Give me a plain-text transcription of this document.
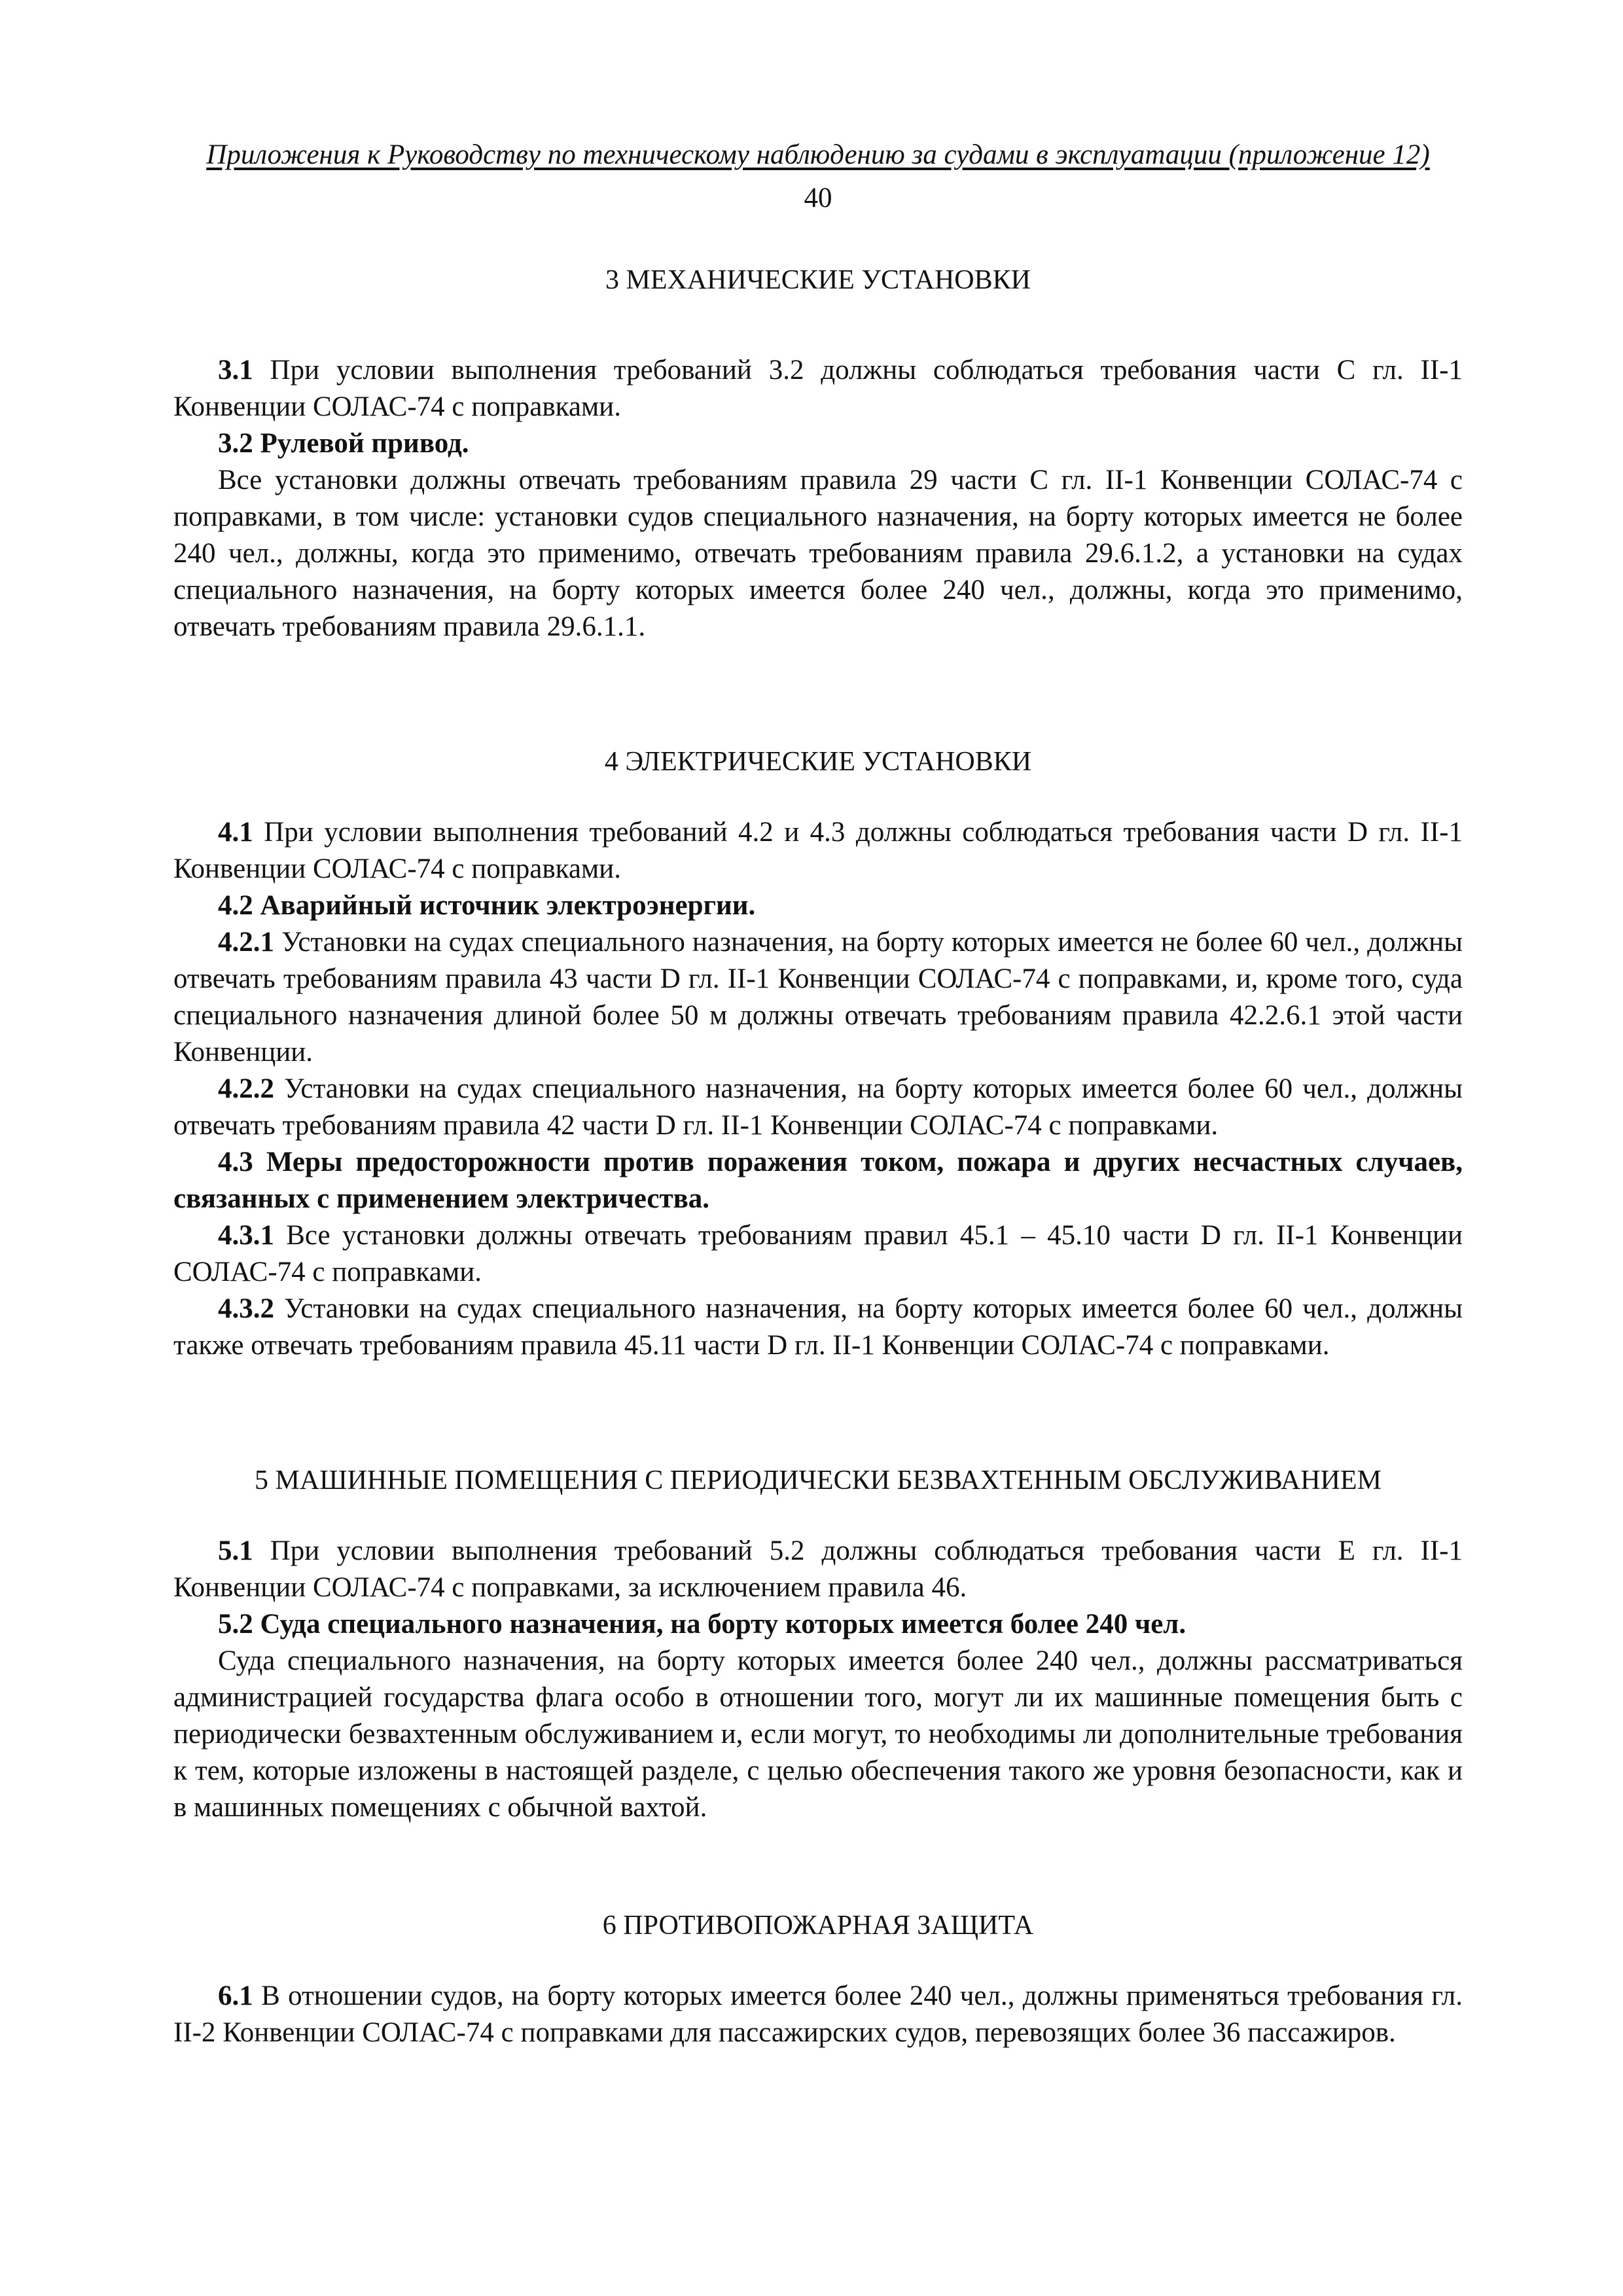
Приложения к Руководству по техническому наблюдению за судами в эксплуатации (приложение 12)
40
3 МЕХАНИЧЕСКИЕ УСТАНОВКИ

3.1 При условии выполнения требований 3.2 должны соблюдаться требования части С гл. II-1 Конвенции СОЛАС-74 с поправками.

3.2 Рулевой привод.

Все установки должны отвечать требованиям правила 29 части С гл. II-1 Конвенции СОЛАС-74 с поправками, в том числе: установки судов специального назначения, на борту которых имеется не более 240 чел., должны, когда это применимо, отвечать требованиям правила 29.6.1.2, а установки на судах специального назначения, на борту которых имеется более 240 чел., должны, когда это применимо, отвечать требованиям правила 29.6.1.1.

4 ЭЛЕКТРИЧЕСКИЕ УСТАНОВКИ

4.1 При условии выполнения требований 4.2 и 4.3 должны соблюдаться требования части D гл. II-1 Конвенции СОЛАС-74 с поправками.

4.2 Аварийный источник электроэнергии.

4.2.1 Установки на судах специального назначения, на борту которых имеется не более 60 чел., должны отвечать требованиям правила 43 части D гл. II-1 Конвенции СОЛАС-74 с поправками, и, кроме того, суда специального назначения длиной более 50 м должны отвечать требованиям правила 42.2.6.1 этой части Конвенции.

4.2.2 Установки на судах специального назначения, на борту которых имеется более 60 чел., должны отвечать требованиям правила 42 части D гл. II-1 Конвенции СОЛАС-74 с поправками.

4.3 Меры предосторожности против поражения током, пожара и других несчастных случаев, связанных с применением электричества.

4.3.1 Все установки должны отвечать требованиям правил 45.1 – 45.10 части D гл. II-1 Конвенции СОЛАС-74 с поправками.

4.3.2 Установки на судах специального назначения, на борту которых имеется более 60 чел., должны также отвечать требованиям правила 45.11 части D гл. II-1 Конвенции СОЛАС-74 с поправками.

5 МАШИННЫЕ ПОМЕЩЕНИЯ С ПЕРИОДИЧЕСКИ БЕЗВАХТЕННЫМ ОБСЛУЖИВАНИЕМ

5.1 При условии выполнения требований 5.2 должны соблюдаться требования части Е гл. II-1 Конвенции СОЛАС-74 с поправками, за исключением правила 46.

5.2 Суда специального назначения, на борту которых имеется более 240 чел.

Суда специального назначения, на борту которых имеется более 240 чел., должны рассматриваться администрацией государства флага особо в отношении того, могут ли их машинные помещения быть с периодически безвахтенным обслуживанием и, если могут, то необходимы ли дополнительные требования к тем, которые изложены в настоящей разделе, с целью обеспечения такого же уровня безопасности, как и в машинных помещениях с обычной вахтой.

6 ПРОТИВОПОЖАРНАЯ ЗАЩИТА

6.1 В отношении судов, на борту которых имеется более 240 чел., должны применяться требования гл. II-2 Конвенции СОЛАС-74 с поправками для пассажирских судов, перевозящих более 36 пассажиров.
